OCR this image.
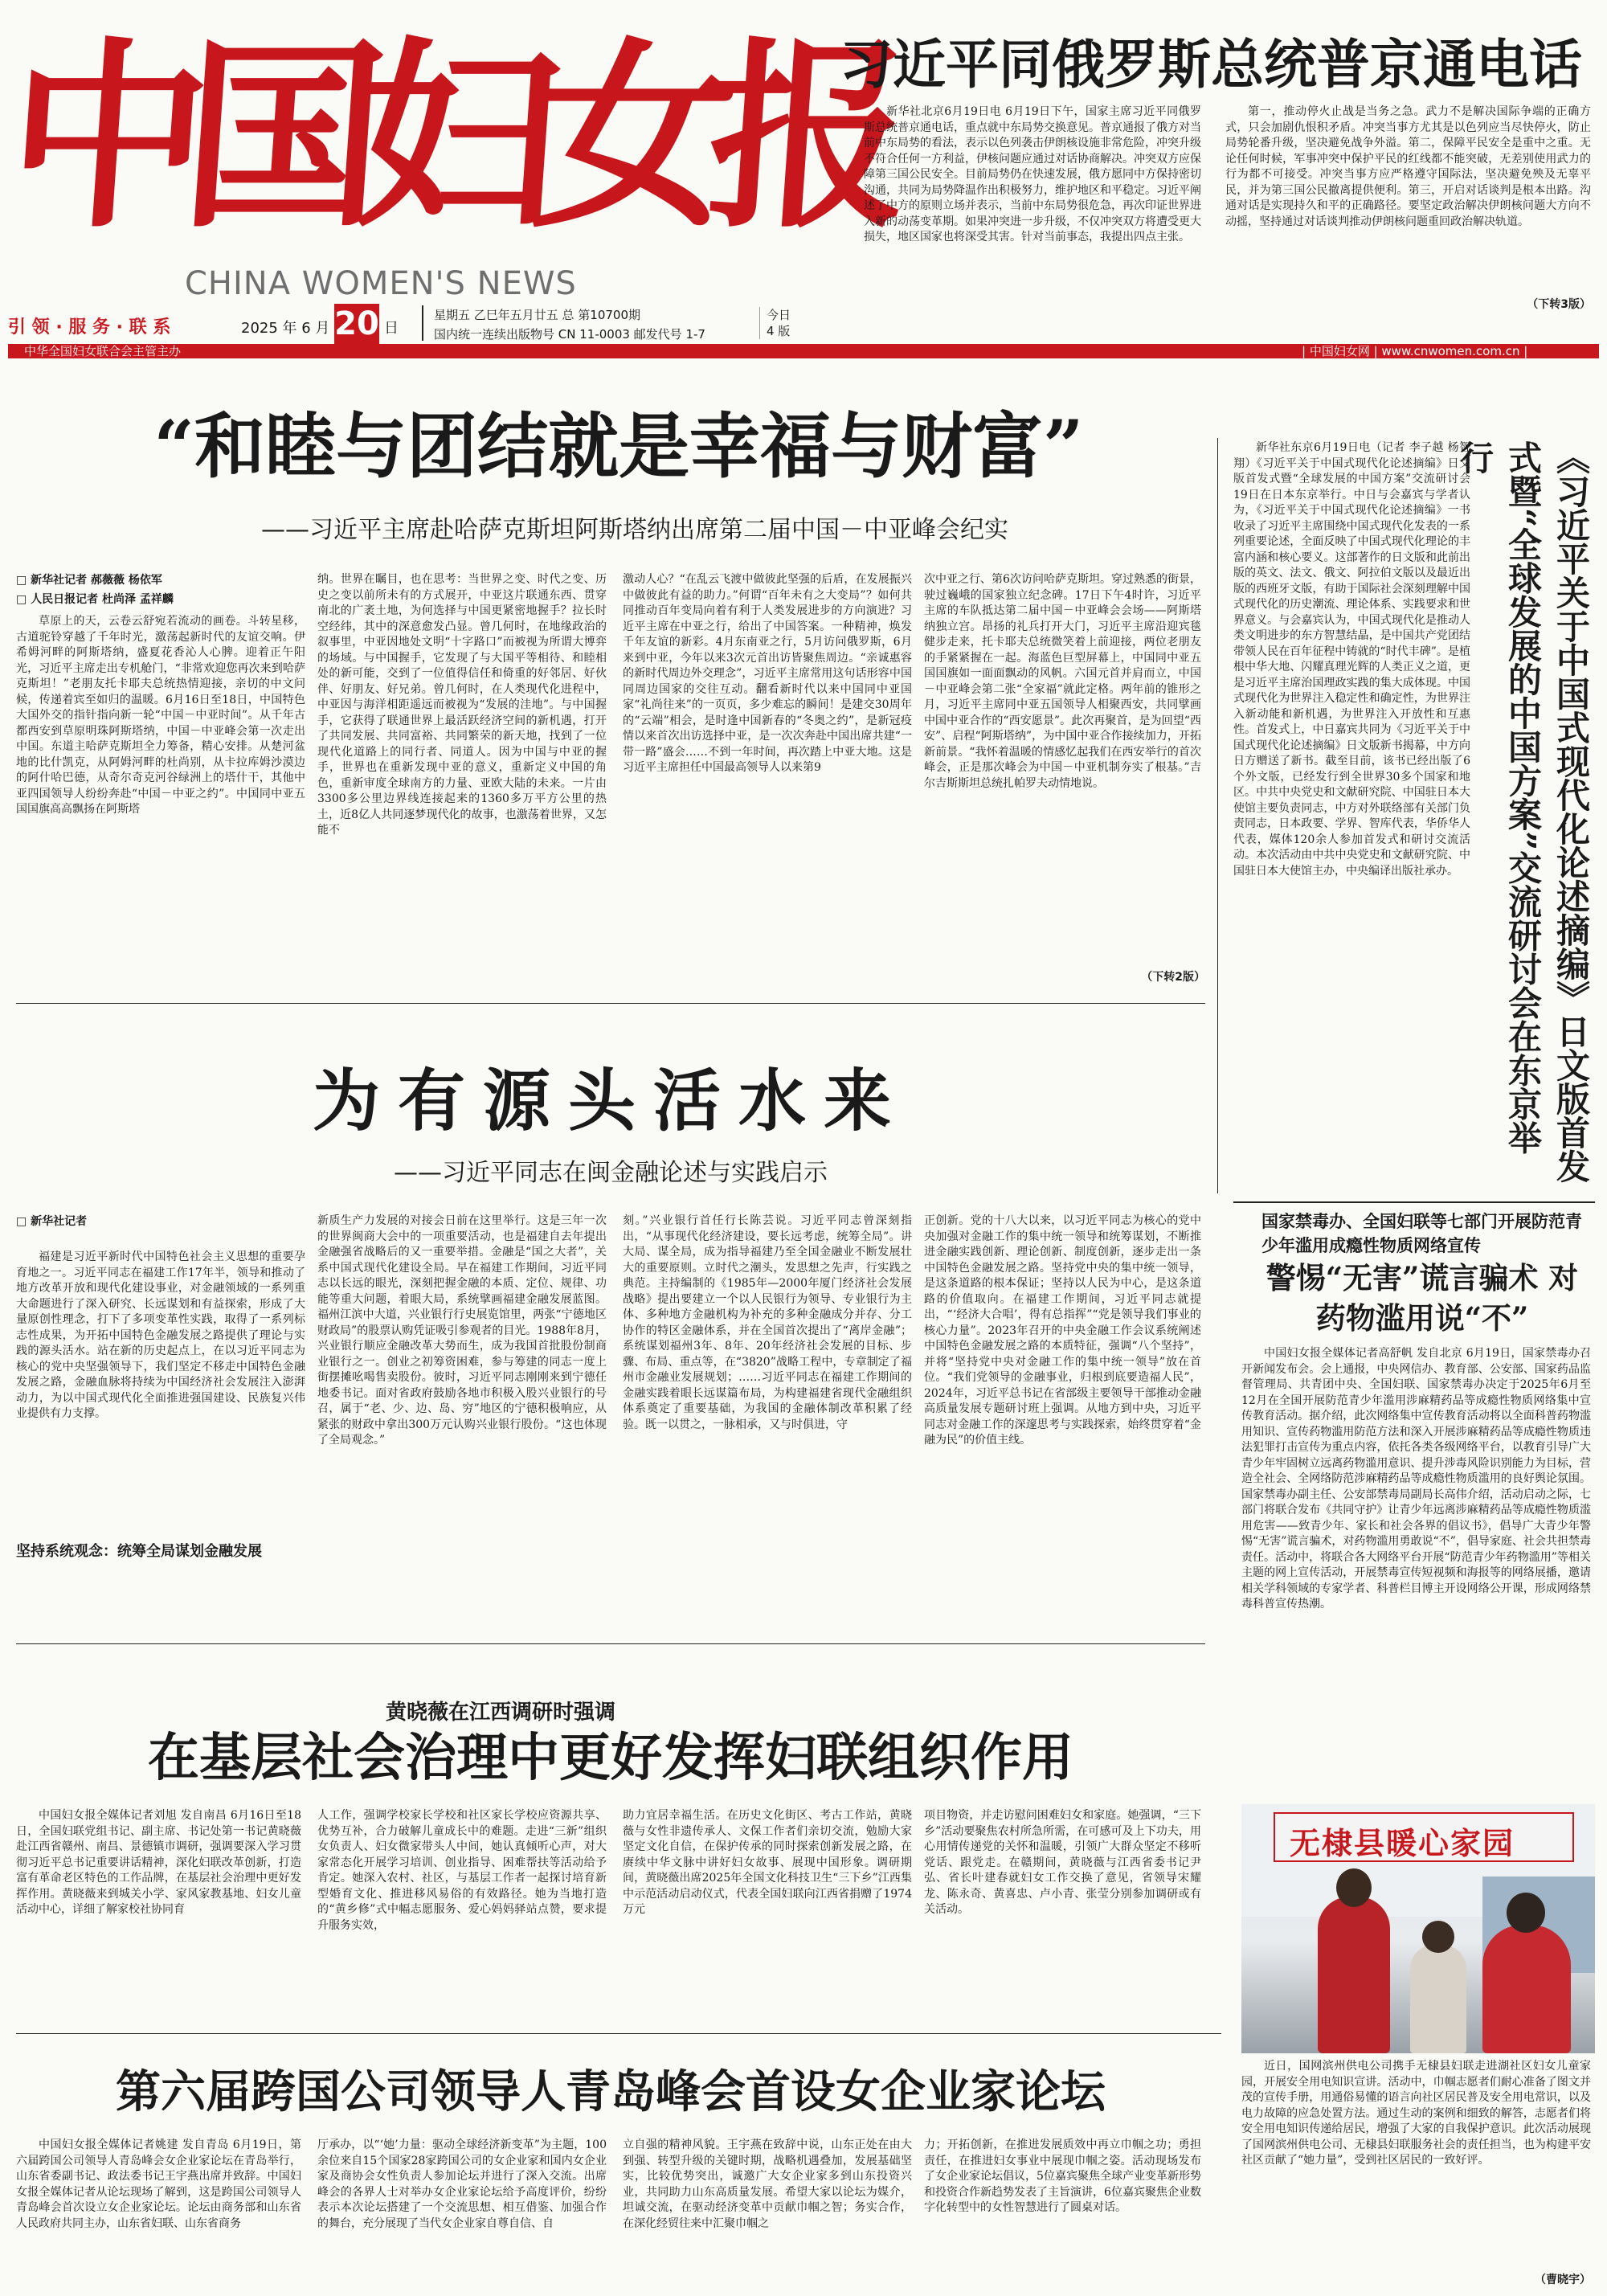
中国妇女报
CHINA WOMEN'S NEWS
引 领 · 服 务 · 联 系	2025 年 6 月 20 日
星期五 乙巳年五月廿五 总 第10700期
国内统一连续出版物号 CN 11-0003 邮发代号 1-7
今日
4 版
中华全国妇女联合会主管主办	| 中国妇女网 | www.cnwomen.com.cn |
习近平同俄罗斯总统普京通电话
新华社北京6月19日电 6月19日下午，国家主席习近平同俄罗斯总统普京通电话，重点就中东局势交换意见。普京通报了俄方对当前中东局势的看法，表示以色列袭击伊朗核设施非常危险，冲突升级不符合任何一方利益，伊核问题应通过对话协商解决。冲突双方应保障第三国公民安全。目前局势仍在快速发展，俄方愿同中方保持密切沟通，共同为局势降温作出积极努力，维护地区和平稳定。习近平阐述了中方的原则立场并表示，当前中东局势很危急，再次印证世界进入新的动荡变革期。如果冲突进一步升级，不仅冲突双方将遭受更大损失，地区国家也将深受其害。针对当前事态，我提出四点主张。
第一，推动停火止战是当务之急。武力不是解决国际争端的正确方式，只会加剧仇恨积矛盾。冲突当事方尤其是以色列应当尽快停火，防止局势轮番升级，坚决避免战争外溢。第二，保障平民安全是重中之重。无论任何时候，军事冲突中保护平民的红线都不能突破，无差别使用武力的行为都不可接受。冲突当事方应严格遵守国际法，坚决避免殃及无辜平民，并为第三国公民撤离提供便利。第三，开启对话谈判是根本出路。沟通对话是实现持久和平的正确路径。要坚定政治解决伊朗核问题大方向不动摇，坚持通过对话谈判推动伊朗核问题重回政治解决轨道。
（下转3版）
“和睦与团结就是幸福与财富”
——习近平主席赴哈萨克斯坦阿斯塔纳出席第二届中国－中亚峰会纪实
□ 新华社记者 郝薇薇 杨依军
□ 人民日报记者 杜尚泽 孟祥麟
草原上的天，云卷云舒宛若流动的画卷。斗转星移，古道驼铃穿越了千年时光，激荡起新时代的友谊交响。伊希姆河畔的阿斯塔纳，盛夏花香沁人心脾。迎着正午阳光，习近平主席走出专机舱门，“非常欢迎您再次来到哈萨克斯坦！”老朋友托卡耶夫总统热情迎接，亲切的中文问候，传递着宾至如归的温暖。6月16日至18日，中国特色大国外交的指针指向新一轮“中国－中亚时间”。从千年古都西安到草原明珠阿斯塔纳，中国－中亚峰会第一次走出中国。东道主哈萨克斯坦全力筹备，精心安排。从楚河盆地的比什凯克，从阿姆河畔的杜尚别，从卡拉库姆沙漠边的阿什哈巴德，从奇尔奇克河谷绿洲上的塔什干，其他中亚四国领导人纷纷奔赴“中国－中亚之约”。中国同中亚五国国旗高高飘扬在阿斯塔
纳。世界在瞩目，也在思考：当世界之变、时代之变、历史之变以前所未有的方式展开，中亚这片联通东西、贯穿南北的广袤土地，为何选择与中国更紧密地握手？拉长时空经纬，其中的深意愈发凸显。曾几何时，在地缘政治的叙事里，中亚因地处文明“十字路口”而被视为所谓大博弈的场域。与中国握手，它发现了与大国平等相待、和睦相处的新可能，交到了一位值得信任和倚重的好邻居、好伙伴、好朋友、好兄弟。曾几何时，在人类现代化进程中，中亚因与海洋相距遥远而被视为“发展的洼地”。与中国握手，它获得了联通世界上最活跃经济空间的新机遇，打开了共同发展、共同富裕、共同繁荣的新天地，找到了一位现代化道路上的同行者、同道人。因为中国与中亚的握手，世界也在重新发现中亚的意义，重新定义中国的角色，重新审度全球南方的力量、亚欧大陆的未来。一片由3300多公里边界线连接起来的1360多万平方公里的热土，近8亿人共同逐梦现代化的故事，也激荡着世界，又怎能不
激动人心？“在乱云飞渡中做彼此坚强的后盾，在发展振兴中做彼此有益的助力。”何谓“百年未有之大变局”？如何共同推动百年变局向着有利于人类发展进步的方向演进？习近平主席在中亚之行，给出了中国答案。一种精神，焕发千年友谊的新彩。4月东南亚之行，5月访问俄罗斯，6月来到中亚，今年以来3次元首出访皆聚焦周边。“亲诚惠容的新时代周边外交理念”，习近平主席常用这句话形容中国同周边国家的交往互动。翻看新时代以来中国同中亚国家“礼尚往来”的一页页，多少难忘的瞬间！是建交30周年的“云端”相会，是时逢中国新春的“冬奥之约”，是新冠疫情以来首次出访选择中亚，是一次次奔赴中国出席共建“一带一路”盛会……不到一年时间，再次踏上中亚大地。这是习近平主席担任中国最高领导人以来第9
次中亚之行、第6次访问哈萨克斯坦。穿过熟悉的街景，驶过巍峨的国家独立纪念碑。17日下午4时许，习近平主席的车队抵达第二届中国－中亚峰会会场——阿斯塔纳独立宫。昂扬的礼兵打开大门，习近平主席沿迎宾毯健步走来，托卡耶夫总统微笑着上前迎接，两位老朋友的手紧紧握在一起。海蓝色巨型屏幕上，中国同中亚五国国旗如一面面飘动的风帆。六国元首并肩而立，中国－中亚峰会第二张“全家福”就此定格。两年前的锥形之月，习近平主席同中亚五国领导人相聚西安，共同擘画中国中亚合作的“西安愿景”。此次再聚首，是为回望“西安”、启程“阿斯塔纳”，为中国中亚合作接续加力，开拓新前景。“我怀着温暖的情感忆起我们在西安举行的首次峰会，正是那次峰会为中国－中亚机制夯实了根基。”吉尔吉斯斯坦总统扎帕罗夫动情地说。
（下转2版）
新华社东京6月19日电（记者 李子越 杨智翔）《习近平关于中国式现代化论述摘编》日文版首发式暨“全球发展的中国方案”交流研讨会19日在日本东京举行。中日与会嘉宾与学者认为，《习近平关于中国式现代化论述摘编》一书收录了习近平主席围绕中国式现代化发表的一系列重要论述，全面反映了中国式现代化理论的丰富内涵和核心要义。这部著作的日文版和此前出版的英文、法文、俄文、阿拉伯文版以及最近出版的西班牙文版，有助于国际社会深刻理解中国式现代化的历史潮流、理论体系、实践要求和世界意义。与会嘉宾认为，中国式现代化是推动人类文明进步的东方智慧结晶，是中国共产党团结带领人民在百年征程中铸就的“时代丰碑”。是植根中华大地、闪耀真理光辉的人类正义之道，更是习近平主席治国理政实践的集大成体现。中国式现代化为世界注入稳定性和确定性，为世界注入新动能和新机遇，为世界注入开放性和互惠性。首发式上，中日嘉宾共同为《习近平关于中国式现代化论述摘编》日文版新书揭幕，中方向日方赠送了新书。截至目前，该书已经出版了6个外文版，已经发行到全世界30多个国家和地区。中共中央党史和文献研究院、中国驻日本大使馆主要负责同志，中方对外联络部有关部门负责同志，日本政要、学界、智库代表，华侨华人代表，媒体120余人参加首发式和研讨交流活动。本次活动由中共中央党史和文献研究院、中国驻日本大使馆主办，中央编译出版社承办。	《习近平关于中国式现代化论述摘编》日文版首发式暨“全球发展的中国方案”交流研讨会在东京举行
为有源头活水来
——习近平同志在闽金融论述与实践启示
□ 新华社记者
福建是习近平新时代中国特色社会主义思想的重要孕育地之一。习近平同志在福建工作17年半，领导和推动了地方改革开放和现代化建设事业，对金融领域的一系列重大命题进行了深入研究、长远谋划和有益探索，形成了大量原创性理念，打下了多项变革性实践，取得了一系列标志性成果，为开拓中国特色金融发展之路提供了理论与实践的源头活水。站在新的历史起点上，在以习近平同志为核心的党中央坚强领导下，我们坚定不移走中国特色金融发展之路，金融血脉将持续为中国经济社会发展注入澎湃动力，为以中国式现代化全面推进强国建设、民族复兴伟业提供有力支撑。
坚持系统观念：统筹全局谋划金融发展
新质生产力发展的对接会日前在这里举行。这是三年一次的世界闽商大会中的一项重要活动，也是福建自去年提出金融强省战略后的又一重要举措。金融是“国之大者”，关系中国式现代化建设全局。早在福建工作期间，习近平同志以长远的眼光，深刻把握金融的本质、定位、规律、功能等重大问题，着眼大局，系统擘画福建金融发展蓝图。福州江滨中大道，兴业银行行史展览馆里，两张“宁德地区财政局”的股票认购凭证吸引参观者的目光。1988年8月，兴业银行顺应金融改革大势而生，成为我国首批股份制商业银行之一。创业之初筹资困难，参与筹建的同志一度上街摆摊吆喝售卖股份。彼时，习近平同志刚刚来到宁德任地委书记。面对省政府鼓励各地市积极入股兴业银行的号召，属于“老、少、边、岛、穷”地区的宁德积极响应，从紧张的财政中拿出300万元认购兴业银行股份。“这也体现了全局观念。”
刻。”兴业银行首任行长陈芸说。习近平同志曾深刻指出，“从事现代化经济建设，要长远考虑，统筹全局”。讲大局、谋全局，成为指导福建乃至全国金融业不断发展壮大的重要原则。立时代之潮头，发思想之先声，行实践之典范。主持编制的《1985年—2000年厦门经济社会发展战略》提出要建立一个以人民银行为领导、专业银行为主体、多种地方金融机构为补充的多种金融成分并存、分工协作的特区金融体系，并在全国首次提出了“离岸金融”；系统谋划福州3年、8年、20年经济社会发展的目标、步骤、布局、重点等，在“3820”战略工程中，专章制定了福州市金融业发展规划；……习近平同志在福建工作期间的金融实践着眼长远谋篇布局，为构建福建省现代金融组织体系奠定了重要基础，为我国的金融体制改革积累了经验。既一以贯之，一脉相承，又与时俱进，守
正创新。党的十八大以来，以习近平同志为核心的党中央加强对金融工作的集中统一领导和统筹谋划，不断推进金融实践创新、理论创新、制度创新，逐步走出一条中国特色金融发展之路。坚持党中央的集中统一领导，是这条道路的根本保证；坚持以人民为中心，是这条道路的价值取向。在福建工作期间，习近平同志就提出，“‘经济大合唱’，得有总指挥”“党是领导我们事业的核心力量”。2023年召开的中央金融工作会议系统阐述中国特色金融发展之路的本质特征，强调“八个坚持”，并将“坚持党中央对金融工作的集中统一领导”放在首位。“我们党领导的金融事业，归根到底要造福人民”，2024年，习近平总书记在省部级主要领导干部推动金融高质量发展专题研讨班上强调。从地方到中央，习近平同志对金融工作的深邃思考与实践探索，始终贯穿着“金融为民”的价值主线。
国家禁毒办、全国妇联等七部门开展防范青少年滥用成瘾性物质网络宣传
警惕“无害”谎言骗术 对药物滥用说“不”
中国妇女报全媒体记者高舒帆 发自北京 6月19日，国家禁毒办召开新闻发布会。会上通报，中央网信办、教育部、公安部、国家药品监督管理局、共青团中央、全国妇联、国家禁毒办决定于2025年6月至12月在全国开展防范青少年滥用涉麻精药品等成瘾性物质网络集中宣传教育活动。据介绍，此次网络集中宣传教育活动将以全面科普药物滥用知识、宣传药物滥用防范方法和深入开展涉麻精药品等成瘾性物质违法犯罪打击宣传为重点内容，依托各类各级网络平台，以教育引导广大青少年牢固树立远离药物滥用意识、提升涉毒风险识别能力为目标，营造全社会、全网络防范涉麻精药品等成瘾性物质滥用的良好舆论氛围。国家禁毒办副主任、公安部禁毒局副局长高伟介绍，活动启动之际，七部门将联合发布《共同守护》让青少年远离涉麻精药品等成瘾性物质滥用危害——致青少年、家长和社会各界的倡议书》，倡导广大青少年警惕“无害”谎言骗术，对药物滥用勇敢说“不”，倡导家庭、社会共担禁毒责任。活动中，将联合各大网络平台开展“防范青少年药物滥用”等相关主题的网上宣传活动，开展禁毒宣传短视频和海报等的网络展播，邀请相关学科领域的专家学者、科普栏目博主开设网络公开课，形成网络禁毒科普宣传热潮。
黄晓薇在江西调研时强调
在基层社会治理中更好发挥妇联组织作用
中国妇女报全媒体记者刘旭 发自南昌 6月16日至18日，全国妇联党组书记、副主席、书记处第一书记黄晓薇赴江西省赣州、南昌、景德镇市调研，强调要深入学习贯彻习近平总书记重要讲话精神，深化妇联改革创新，打造富有革命老区特色的工作品牌，在基层社会治理中更好发挥作用。黄晓薇来到城关小学、家风家教基地、妇女儿童活动中心，详细了解家校社协同育
人工作，强调学校家长学校和社区家长学校应资源共享、优势互补，合力破解儿童成长中的难题。走进“三新”组织女负责人、妇女微家带头人中间，她认真倾听心声，对大家常态化开展学习培训、创业指导、困难帮扶等活动给予肯定。她深入农村、社区，与基层工作者一起探讨培育新型婚育文化、推进移风易俗的有效路径。她为当地打造的“黄乡修”式中幅志愿服务、爱心妈妈驿站点赞，要求提升服务实效，
助力宜居幸福生活。在历史文化街区、考古工作站，黄晓薇与女性非遗传承人、文保工作者们亲切交流，勉励大家坚定文化自信，在保护传承的同时探索创新发展之路，在赓续中华文脉中讲好妇女故事、展现中国形象。调研期间，黄晓薇出席2025年全国文化科技卫生“三下乡”江西集中示范活动启动仪式，代表全国妇联向江西省捐赠了1974万元
项目物资，并走访慰问困难妇女和家庭。她强调，“三下乡”活动要聚焦农村所急所需，在可感可及上下功夫，用心用情传递党的关怀和温暖，引领广大群众坚定不移听党话、跟党走。在赣期间，黄晓薇与江西省委书记尹弘、省长叶建春就妇女工作交换了意见，省领导宋耀龙、陈永奇、黄喜忠、卢小青、张莹分别参加调研或有关活动。
无棣县暖心家园
近日，国网滨州供电公司携手无棣县妇联走进湖社区妇女儿童家园，开展安全用电知识宣讲。活动中，巾帼志愿者们耐心准备了图文并茂的宣传手册，用通俗易懂的语言向社区居民普及安全用电常识，以及电力故障的应急处置方法。通过生动的案例和细致的解答，志愿者们将安全用电知识传递给居民，增强了大家的自我保护意识。此次活动展现了国网滨州供电公司、无棣县妇联服务社会的责任担当，也为构建平安社区贡献了“她力量”，受到社区居民的一致好评。
（曹晓宇）
第六届跨国公司领导人青岛峰会首设女企业家论坛
中国妇女报全媒体记者姚建 发自青岛 6月19日，第六届跨国公司领导人青岛峰会女企业家论坛在青岛举行，山东省委副书记、政法委书记王宇燕出席并致辞。中国妇女报全媒体记者从论坛现场了解到，这是跨国公司领导人青岛峰会首次设立女企业家论坛。论坛由商务部和山东省人民政府共同主办，山东省妇联、山东省商务
厅承办，以“‘她’力量：驱动全球经济新变革”为主题，100余位来自15个国家28家跨国公司的女企业家和国内女企业家及商协会女性负责人参加论坛并进行了深入交流。出席峰会的各界人士对举办女企业家论坛给予高度评价，纷纷表示本次论坛搭建了一个交流思想、相互借鉴、加强合作的舞台，充分展现了当代女企业家自尊自信、自
立自强的精神风貌。王宇燕在致辞中说，山东正处在由大到强、转型升级的关键时期，战略机遇叠加，发展基础坚实，比较优势突出，诚邀广大女企业家多到山东投资兴业，共同助力山东高质量发展。希望大家以论坛为媒介，坦诚交流，在驱动经济变革中贡献巾帼之智；务实合作，在深化经贸往来中汇聚巾帼之
力；开拓创新，在推进发展质效中再立巾帼之功；勇担责任，在推进妇女事业中展现巾帼之姿。活动现场发布了女企业家论坛倡议，5位嘉宾聚焦全球产业变革新形势和投资合作新趋势发表了主旨演讲，6位嘉宾聚焦企业数字化转型中的女性智慧进行了圆桌对话。
